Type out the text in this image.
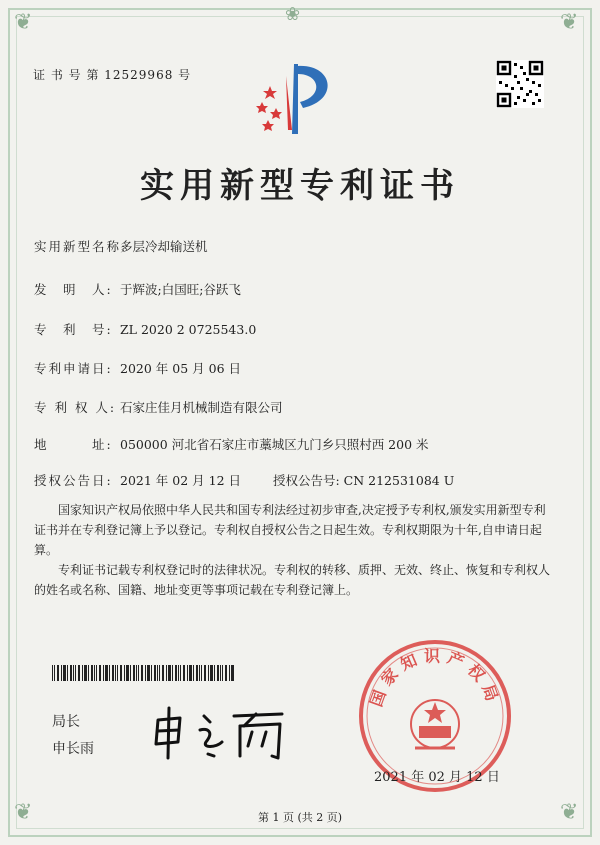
❦	❦
❦	❦
❀
证 书 号 第 12529968 号
实用新型专利证书
实用新型名称:多层冷却输送机
发　明　人: 于辉波;白国旺;谷跃飞
专　利　号: ZL 2020 2 0725543.0
专利申请日: 2020 年 05 月 06 日
专 利 权 人: 石家庄佳月机械制造有限公司
地　　　址: 050000 河北省石家庄市藁城区九门乡只照村西 200 米
授权公告日: 2021 年 02 月 12 日	授权公告号: CN 212531084 U
国家知识产权局依照中华人民共和国专利法经过初步审查,决定授予专利权,颁发实用新型专利证书并在专利登记簿上予以登记。专利权自授权公告之日起生效。专利权期限为十年,自申请日起算。
专利证书记载专利权登记时的法律状况。专利权的转移、质押、无效、终止、恢复和专利权人的姓名或名称、国籍、地址变更等事项记载在专利登记簿上。
局长
申长雨
国家知识产权局
2021 年 02 月 12 日
第 1 页 (共 2 页)
